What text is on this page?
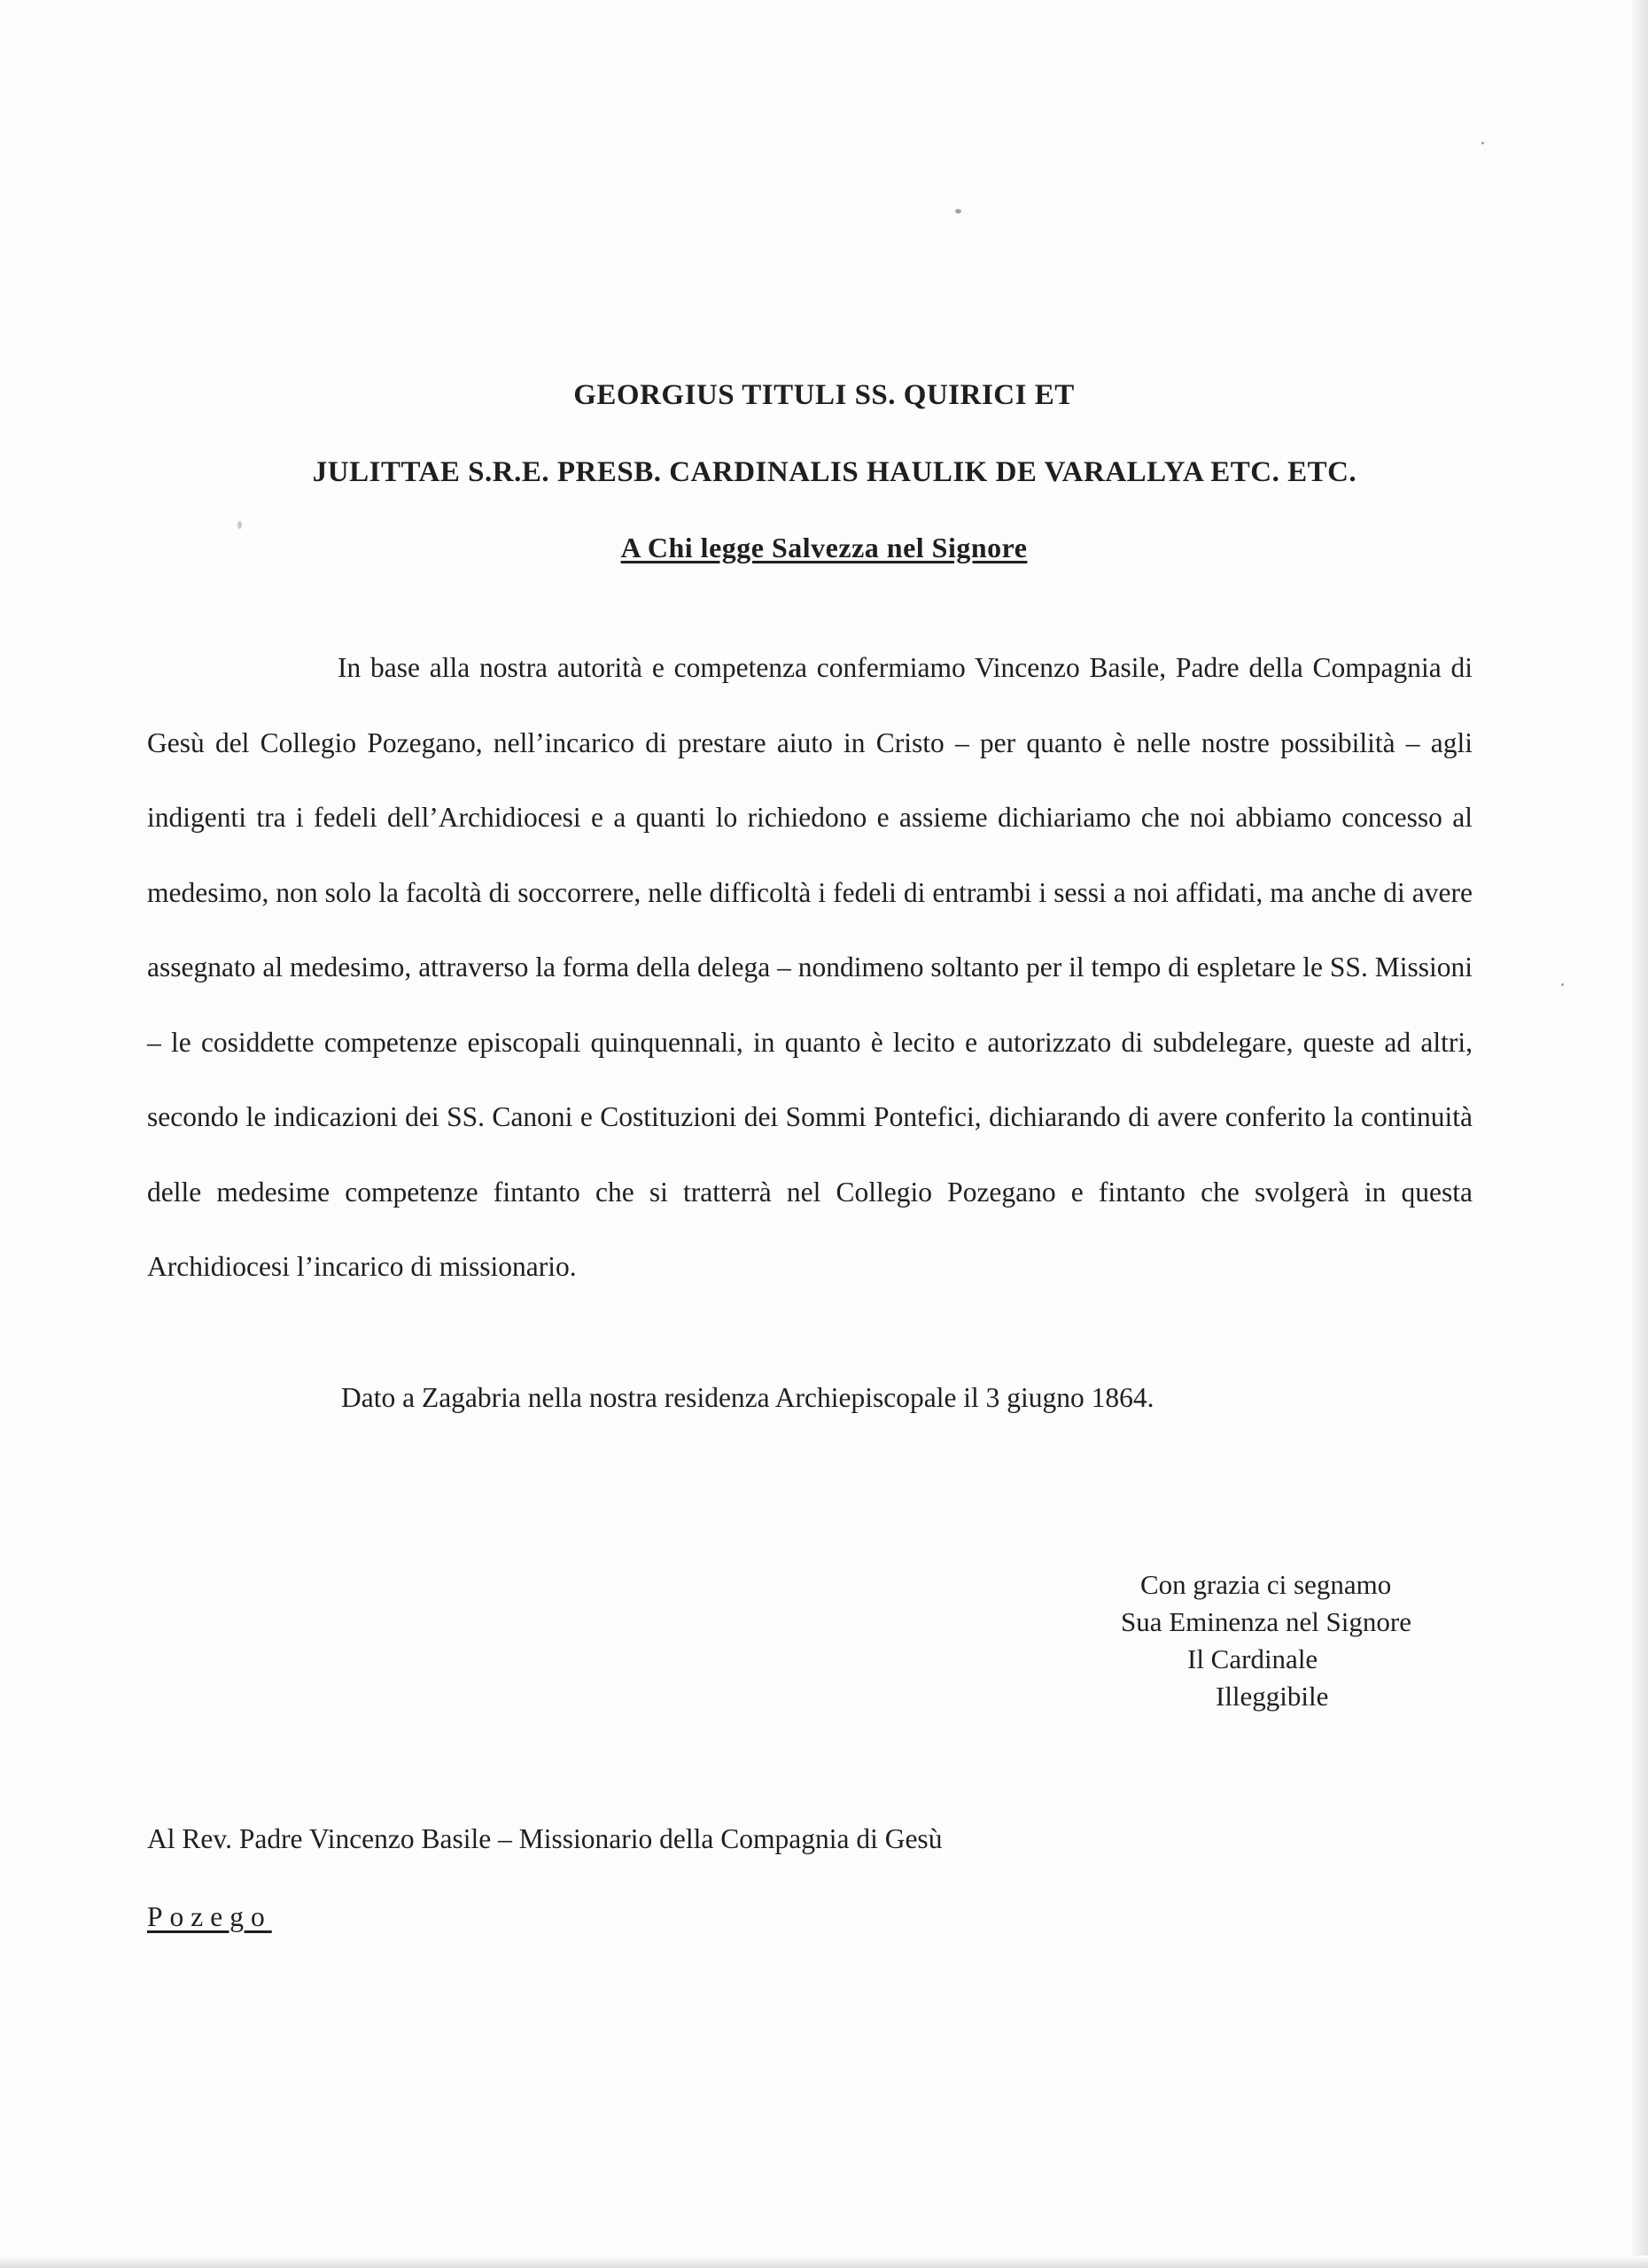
GEORGIUS TITULI SS. QUIRICI ET
JULITTAE S.R.E. PRESB. CARDINALIS HAULIK DE VARALLYA ETC. ETC.
A Chi legge Salvezza nel Signore

In base alla nostra autorità e competenza confermiamo Vincenzo Basile, Padre della Compagnia di Gesù del Collegio Pozegano, nell’incarico di prestare aiuto in Cristo – per quanto è nelle nostre possibilità – agli indigenti tra i fedeli dell’Archidiocesi e a quanti lo richiedono e assieme dichiariamo che noi abbiamo concesso al medesimo, non solo la facoltà di soccorrere, nelle difficoltà i fedeli di entrambi i sessi a noi affidati, ma anche di avere assegnato al medesimo, attraverso la forma della delega – nondimeno soltanto per il tempo di espletare le SS. Missioni – le cosiddette competenze episcopali quinquennali, in quanto è lecito e autorizzato di subdelegare, queste ad altri, secondo le indicazioni dei SS. Canoni e Costituzioni dei Sommi Pontefici, dichiarando di avere conferito la continuità delle medesime competenze fintanto che si tratterrà nel Collegio Pozegano e fintanto che svolgerà in questa Archidiocesi l’incarico di missionario.

Dato a Zagabria nella nostra residenza Archiepiscopale il 3 giugno 1864.
Con grazia ci segnamo
Sua Eminenza nel Signore
Il Cardinale
Illeggibile
Al Rev. Padre Vincenzo Basile – Missionario della Compagnia di Gesù
Pozego
